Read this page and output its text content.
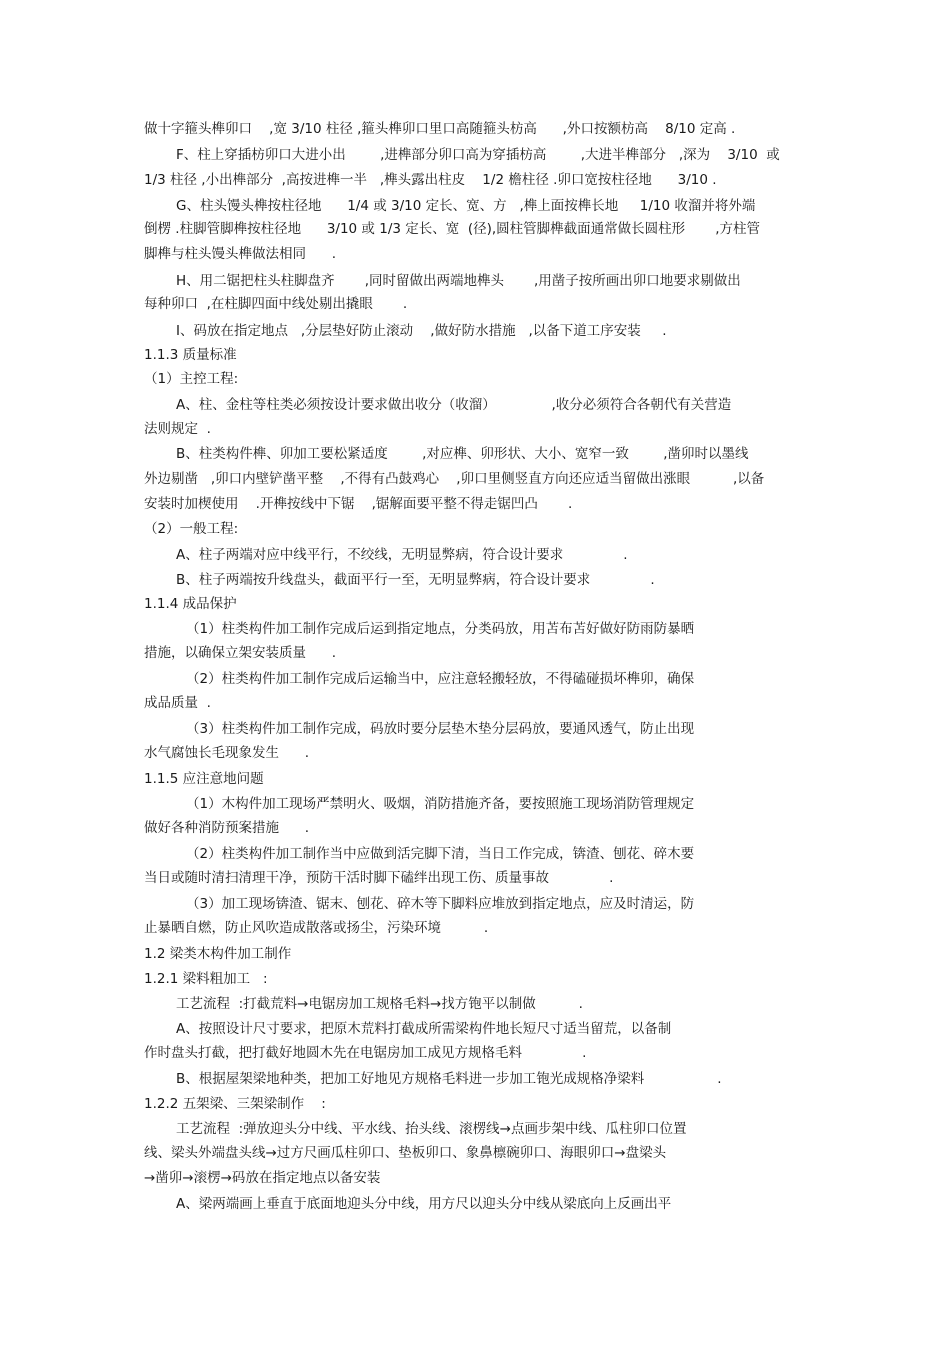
做十字箍头榫卯口    ,宽 3/10 柱径 ,箍头榫卯口里口高随箍头枋高      ,外口按额枋高    8/10 定高 .
F、柱上穿插枋卯口大进小出        ,进榫部分卯口高为穿插枋高        ,大进半榫部分   ,深为    3/10  或
1/3 柱径 ,小出榫部分  ,高按进榫一半   ,榫头露出柱皮    1/2 檐柱径 .卯口宽按柱径地      3/10 .
G、柱头馒头榫按柱径地      1/4 或 3/10 定长、宽、方   ,榫上面按榫长地     1/10 收溜并将外端
倒楞 .柱脚管脚榫按柱径地      3/10 或 1/3 定长、宽  (径),圆柱管脚榫截面通常做长圆柱形       ,方柱管
脚榫与柱头馒头榫做法相同      .
H、用二锯把柱头柱脚盘齐       ,同时留做出两端地榫头       ,用凿子按所画出卯口地要求剔做出
每种卯口  ,在柱脚四面中线处剔出撬眼       .
I、码放在指定地点   ,分层垫好防止滚动    ,做好防水措施   ,以备下道工序安装     .
1.1.3 质量标准
（1）主控工程:
A、柱、金柱等柱类必须按设计要求做出收分（收溜）             ,收分必须符合各朝代有关营造
法则规定  .
B、柱类构件榫、卯加工要松紧适度        ,对应榫、卯形状、大小、宽窄一致        ,凿卯时以墨线
外边剔凿   ,卯口内壁铲凿平整    ,不得有凸鼓鸡心    ,卯口里侧竖直方向还应适当留做出涨眼          ,以备
安装时加楔使用    .开榫按线中下锯    ,锯解面要平整不得走锯凹凸       .
（2）一般工程:
A、柱子两端对应中线平行，不绞线，无明显弊病，符合设计要求              .
B、柱子两端按升线盘头，截面平行一至，无明显弊病，符合设计要求              .
1.1.4 成品保护
（1）柱类构件加工制作完成后运到指定地点，分类码放，用苫布苫好做好防雨防暴晒
措施，以确保立架安装质量      .
（2）柱类构件加工制作完成后运输当中，应注意轻搬轻放，不得磕碰损坏榫卯，确保
成品质量  .
（3）柱类构件加工制作完成，码放时要分层垫木垫分层码放，要通风透气，防止出现
水气腐蚀长毛现象发生      .
1.1.5 应注意地问题
（1）木构件加工现场严禁明火、吸烟，消防措施齐备，要按照施工现场消防管理规定
做好各种消防预案措施      .
（2）柱类构件加工制作当中应做到活完脚下清，当日工作完成，锛渣、刨花、碎木要
当日或随时清扫清理干净，预防干活时脚下磕绊出现工伤、质量事故              .
（3）加工现场锛渣、锯末、刨花、碎木等下脚料应堆放到指定地点，应及时清运，防
止暴晒自燃，防止风吹造成散落或扬尘，污染环境          .
1.2 梁类木构件加工制作
1.2.1 梁料粗加工   :
工艺流程  :打截荒料→电锯房加工规格毛料→找方铇平以制做          .
A、按照设计尺寸要求，把原木荒料打截成所需梁构件地长短尺寸适当留荒，以备制
作时盘头打截，把打截好地圆木先在电锯房加工成见方规格毛料              .
B、根据屋架梁地种类，把加工好地见方规格毛料进一步加工铇光成规格净梁料                 .
1.2.2 五架梁、三架梁制作    :
工艺流程  :弹放迎头分中线、平水线、抬头线、滚楞线→点画步架中线、瓜柱卯口位置
线、梁头外端盘头线→过方尺画瓜柱卯口、垫板卯口、象鼻檩碗卯口、海眼卯口→盘梁头
→凿卯→滚楞→码放在指定地点以备安装
A、梁两端画上垂直于底面地迎头分中线，用方尺以迎头分中线从梁底向上反画出平
